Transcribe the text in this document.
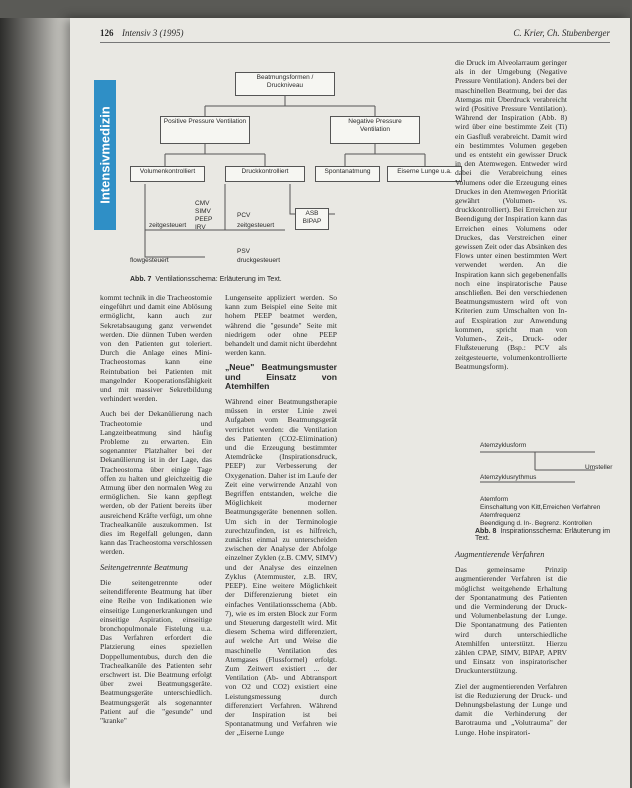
126 Intensiv 3 (1995)	C. Krier, Ch. Stubenberger
Intensivmedizin
Beatmungsformen / Druckniveau
Positive Pressure Ventilation	Negative Pressure Ventilation
Volumenkontrolliert	Druckkontrolliert	Spontanatmung	Eiserne Lunge u.a.
zeitgesteuert
CMV
SIMV
PEEP
IRV
PCV
zeitgesteuert
ASB
BIPAP
flowgesteuert
PSV
druckgesteuert
Abb. 7 Ventilationsschema: Erläuterung im Text.

kommt technik in die Tracheostomie eingeführt und damit eine Ablösung ermöglicht, kann auch zur Sekretabsaugung ganz verwendet werden. Die dünnen Tuben werden von den Patienten gut toleriert. Durch die Anlage eines Mini-Tracheostomas kann eine Reintubation bei Patienten mit mangelnder Kooperationsfähigkeit und mit massiver Sekretbildung verhindert werden.

Auch bei der Dekanülierung nach Tracheotomie und Langzeitbeatmung sind häufig Probleme zu erwarten. Ein sogenannter Platzhalter bei der Dekanülierung ist in der Lage, das Tracheostoma über einige Tage offen zu halten und gleichzeitig die Atmung über den normalen Weg zu ermöglichen. Sie kann gepflegt werden, ob der Patient bereits über ausreichend Kräfte verfügt, um ohne Trachealkanüle auszukommen. Ist dies im Regelfall gelungen, dann kann das Tracheostoma verschlossen werden.

Seitengetrennte Beatmung

Die seitengetrennte oder seitendifferente Beatmung hat über eine Reihe von Indikationen wie einseitige Lungenerkrankungen und einseitige Aspiration, einseitige bronchopulmonale Fistelung u.a. Das Verfahren erfordert die Platzierung eines speziellen Doppellumentubus, durch den die Trachealkanüle des Patienten sehr erschwert ist. Die Beatmung erfolgt über zwei Beatmungsgeräte. Beatmungsgeräte unterschiedlich. Beatmungsgerät als sogenannter Patient auf die "gesunde" und "kranke"

Lungenseite appliziert werden. So kann zum Beispiel eine Seite mit hohem PEEP beatmet werden, während die "gesunde" Seite mit niedrigem oder ohne PEEP behandelt und damit nicht überdehnt werden kann.

„Neue" Beatmungsmuster und Einsatz von Atemhilfen

Während einer Beatmungstherapie müssen in erster Linie zwei Aufgaben vom Beatmungsgerät verrichtet werden: die Ventilation des Patienten (CO2-Elimination) und die Erzeugung bestimmter Atemdrücke (Inspirationsdruck, PEEP) zur Verbesserung der Oxygenation. Daher ist im Laufe der Zeit eine verwirrende Anzahl von Begriffen entstanden, welche die Möglichkeit moderner Beatmungsgeräte benennen sollen. Um sich in der Terminologie zurechtzufinden, ist es hilfreich, zunächst einmal zu unterscheiden zwischen der Analyse der Abfolge einzelner Zyklen (z.B. CMV, SIMV) und der Analyse des einzelnen Zyklus (Atemmuster, z.B. IRV, PEEP). Eine weitere Möglichkeit der Differenzierung bietet ein einfaches Ventilationsschema (Abb. 7), wie es im ersten Block zur Form und Steuerung dargestellt wird. Mit diesem Schema wird differenziert, auf welche Art und Weise die maschinelle Ventilation des Atemgases (Flussformel) erfolgt. Zum Zeitwert existiert ... der Ventilation (Ab- und Abtransport von O2 und CO2) existiert eine Leistungsmessung durch differenziert Verfahren. Während der Inspiration ist bei Spontanatmung und Verfahren wie der „Eiserne Lunge

die Druck im Alveolarraum geringer als in der Umgebung (Negative Pressure Ventilation). Anders bei der maschinellen Beatmung, bei der das Atemgas mit Überdruck verabreicht wird (Positive Pressure Ventilation). Während der Inspiration (Abb. 8) wird über eine bestimmte Zeit (Ti) ein Gasfluß verabreicht. Damit wird ein bestimmtes Volumen gegeben und es entsteht ein gewisser Druck in den Atemwegen. Entweder wird dabei die Verabreichung eines Volumens oder die Erzeugung eines Druckes in den Atemwegen Priorität gewährt (Volumen- vs. druckkontrolliert). Bei Erreichen zur Beendigung der Inspiration kann das Erreichen eines Volumens oder Druckes, das Verstreichen einer gewissen Zeit oder das Absinken des Flows unter einen bestimmten Wert verwendet werden. An die Inspiration kann sich gegebenenfalls noch eine inspiratorische Pause anschließen. Bei den verschiedenen Beatmungsmustern wird oft von Kriterien zum Umschalten von In- auf Exspiration zur Anwendung kommen, spricht man von Volumen-, Zeit-, Druck- oder Flußsteuerung (Bsp.: PCV als zeitgesteuerte, volumenkontrollierte Beatmungsform).

Atemzyklusform
Umsteller
Atemzyklusrythmus
Atemform
Einschaltung von Kitt,Erreichen Verfahren
Atemfrequenz
Beendigung d. In-. Begrenz. Kontrollen
Abb. 8 Inspirationsschema: Erläuterung im Text.
Augmentierende Verfahren

Das gemeinsame Prinzip augmentierender Verfahren ist die möglichst weitgehende Erhaltung der Spontanatmung des Patienten und die Verminderung der Druck- und Volumenbelastung der Lunge. Die Spontanatmung des Patienten wird durch unterschiedliche Atemhilfen unterstützt. Hierzu zählen CPAP, SIMV, BIPAP, APRV und Einsatz von inspiratorischer Druckunterstützung.

Ziel der augmentierenden Verfahren ist die Reduzierung der Druck- und Dehnungsbelastung der Lunge und damit die Verhinderung der Barotrauma und „Volutrauma" der Lunge. Hohe inspiratori-
